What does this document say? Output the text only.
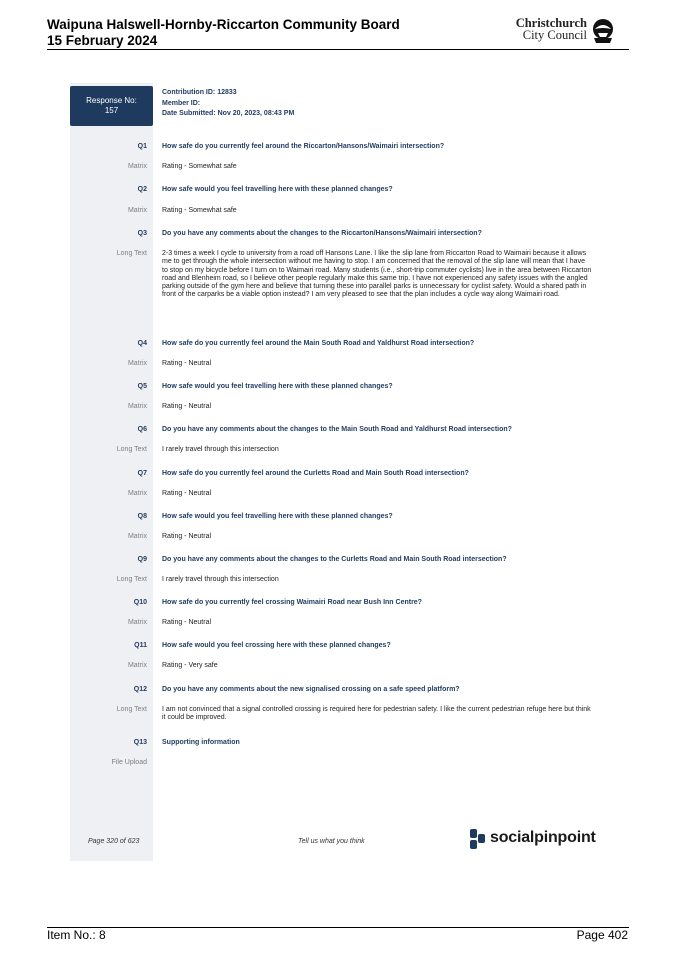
Waipuna Halswell-Hornby-Riccarton Community Board
15 February 2024
Christchurch
City Council
Response No:
157
Contribution ID: 12833
Member ID:
Date Submitted: Nov 20, 2023, 08:43 PM
Q1 How safe do you currently feel around the Riccarton/Hansons/Waimairi intersection?
Matrix Rating - Somewhat safe
Q2 How safe would you feel travelling here with these planned changes?
Matrix Rating - Somewhat safe
Q3 Do you have any comments about the changes to the Riccarton/Hansons/Waimairi intersection?
Long Text 2-3 times a week I cycle to university from a road off Hansons Lane. I like the slip lane from Riccarton Road to Waimairi because it allows me to get through the whole intersection without me having to stop. I am concerned that the removal of the slip lane will mean that I have to stop on my bicycle before I turn on to Waimairi road. Many students (i.e., short-trip commuter cyclists) live in the area between Riccarton road and Blenheim road, so I believe other people regularly make this same trip. I have not experienced any safety issues with the angled parking outside of the gym here and believe that turning these into parallel parks is unnecessary for cyclist safety. Would a shared path in front of the carparks be a viable option instead? I am very pleased to see that the plan includes a cycle way along Waimairi road.
Q4 How safe do you currently feel around the Main South Road and Yaldhurst Road intersection?
Matrix Rating - Neutral
Q5 How safe would you feel travelling here with these planned changes?
Matrix Rating - Neutral
Q6 Do you have any comments about the changes to the Main South Road and Yaldhurst Road intersection?
Long Text I rarely travel through this intersection
Q7 How safe do you currently feel around the Curletts Road and Main South Road intersection?
Matrix Rating - Neutral
Q8 How safe would you feel travelling here with these planned changes?
Matrix Rating - Neutral
Q9 Do you have any comments about the changes to the Curletts Road and Main South Road intersection?
Long Text I rarely travel through this intersection
Q10 How safe do you currently feel crossing Waimairi Road near Bush Inn Centre?
Matrix Rating - Neutral
Q11 How safe would you feel crossing here with these planned changes?
Matrix Rating - Very safe
Q12 Do you have any comments about the new signalised crossing on a safe speed platform?
Long Text I am not convinced that a signal controlled crossing is required here for pedestrian safety. I like the current pedestrian refuge here but think it could be improved.
Q13 Supporting information
File Upload
Page 320 of 623	Tell us what you think	socialpinpoint
Item No.: 8	Page 402
